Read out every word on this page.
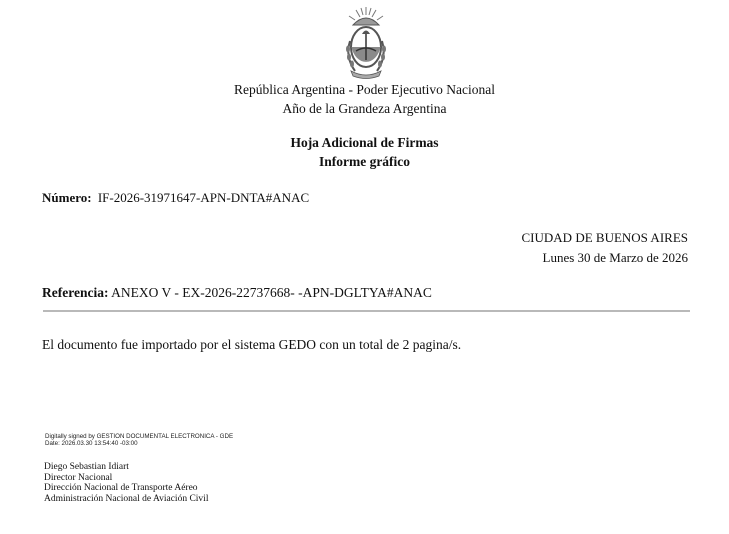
República Argentina - Poder Ejecutivo Nacional
Año de la Grandeza Argentina
Hoja Adicional de Firmas
Informe gráfico
Número: IF-2026-31971647-APN-DNTA#ANAC
CIUDAD DE BUENOS AIRES
Lunes 30 de Marzo de 2026
Referencia: ANEXO V - EX-2026-22737668- -APN-DGLTYA#ANAC
El documento fue importado por el sistema GEDO con un total de 2 pagina/s.
Digitally signed by GESTION DOCUMENTAL ELECTRONICA - GDE
Date: 2026.03.30 13:54:40 -03:00
Diego Sebastian Idiart
Director Nacional
Dirección Nacional de Transporte Aéreo
Administración Nacional de Aviación Civil
